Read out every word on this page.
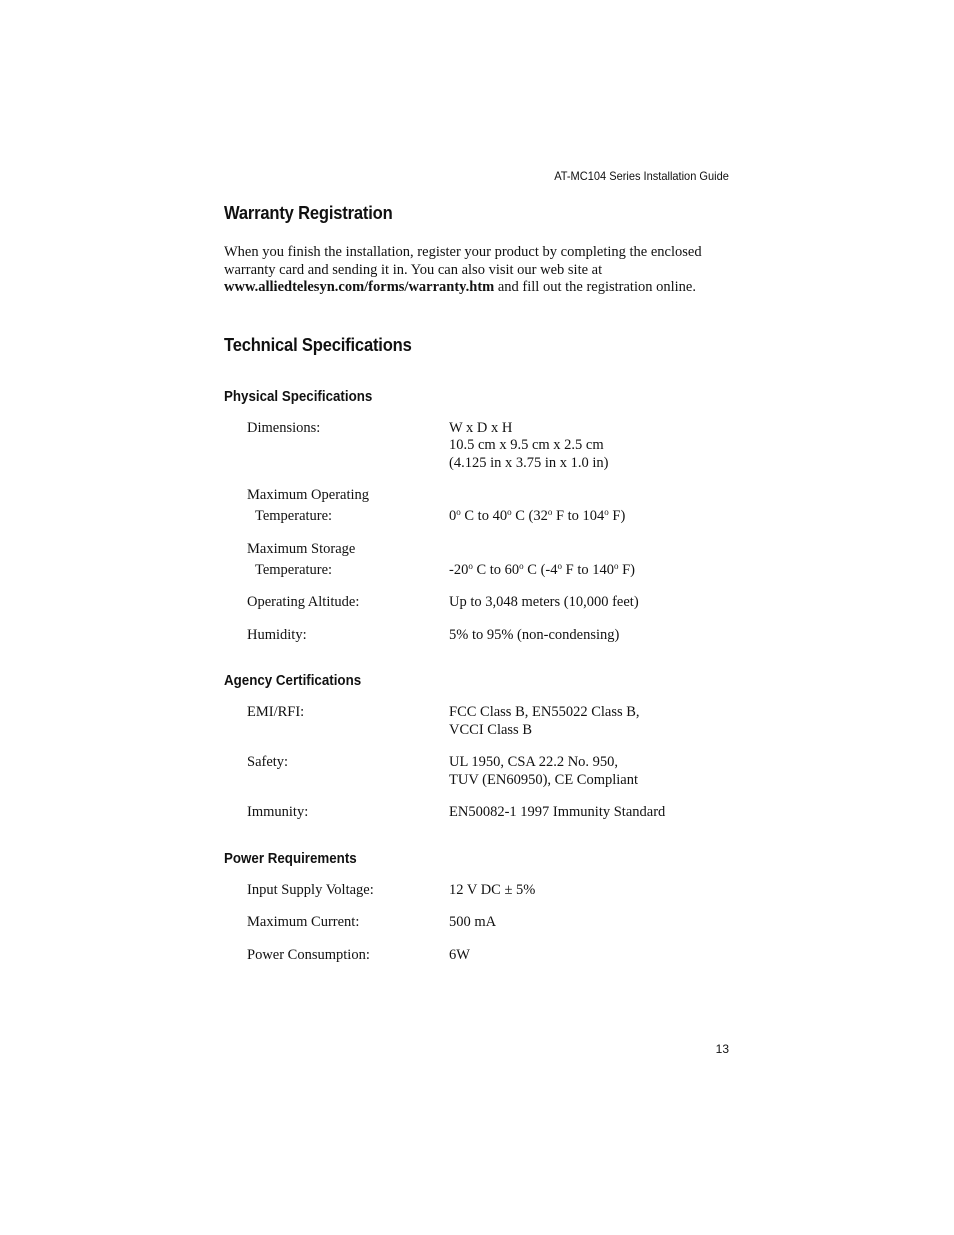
AT-MC104 Series Installation Guide
Warranty Registration

When you finish the installation, register your product by completing the enclosed warranty card and sending it in. You can also visit our web site at www.alliedtelesyn.com/forms/warranty.htm and fill out the registration online.

Technical Specifications
Physical Specifications
Dimensions:	W x D x H
10.5 cm x 9.5 cm x 2.5 cm
(4.125 in x 3.75 in x 1.0 in)
Maximum Operating
Temperature:	0$^o$ C to 40$^o$ C (32$^o$ F to 104$^o$ F)
Maximum Storage
Temperature:	-20$^o$ C to 60$^o$ C (-4$^o$ F to 140$^o$ F)
Operating Altitude:	Up to 3,048 meters (10,000 feet)
Humidity:	5% to 95% (non-condensing)
Agency Certifications
EMI/RFI:	FCC Class B, EN55022 Class B,
VCCI Class B
Safety:	UL 1950, CSA 22.2 No. 950,
TUV (EN60950), CE Compliant
Immunity:	EN50082-1 1997 Immunity Standard
Power Requirements
Input Supply Voltage:	12 V DC ± 5%
Maximum Current:	500 mA
Power Consumption:	6W
13
